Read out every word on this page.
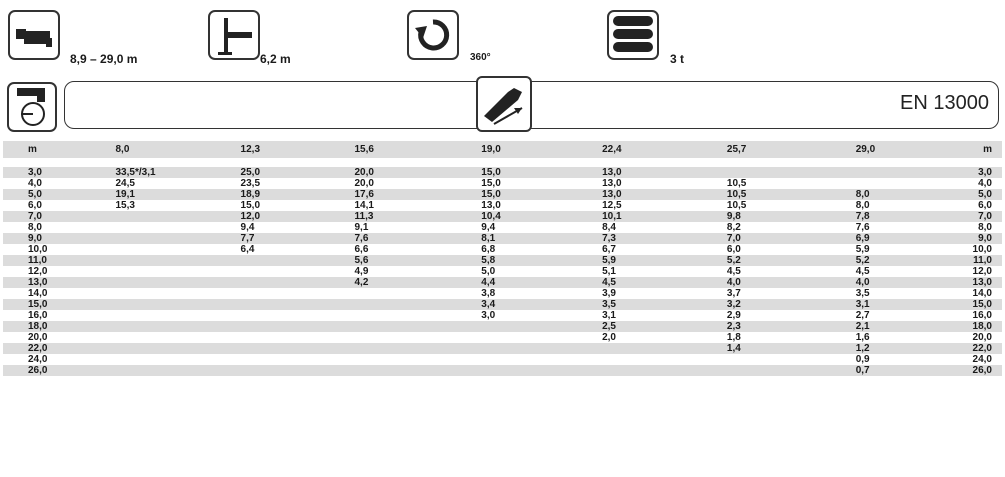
8,9 – 29,0 m	6,2 m	360°	3 t
EN 13000
m	8,0	12,3	15,6	19,0	22,4	25,7	29,0	m

3,0	33,5*/3,1	25,0	20,0	15,0	13,0			3,0
4,0	24,5	23,5	20,0	15,0	13,0	10,5		4,0
5,0	19,1	18,9	17,6	15,0	13,0	10,5	8,0	5,0
6,0	15,3	15,0	14,1	13,0	12,5	10,5	8,0	6,0
7,0		12,0	11,3	10,4	10,1	9,8	7,8	7,0
8,0		9,4	9,1	9,4	8,4	8,2	7,6	8,0
9,0		7,7	7,6	8,1	7,3	7,0	6,9	9,0
10,0		6,4	6,6	6,8	6,7	6,0	5,9	10,0
11,0			5,6	5,8	5,9	5,2	5,2	11,0
12,0			4,9	5,0	5,1	4,5	4,5	12,0
13,0			4,2	4,4	4,5	4,0	4,0	13,0
14,0				3,8	3,9	3,7	3,5	14,0
15,0				3,4	3,5	3,2	3,1	15,0
16,0				3,0	3,1	2,9	2,7	16,0
18,0					2,5	2,3	2,1	18,0
20,0					2,0	1,8	1,6	20,0
22,0						1,4	1,2	22,0
24,0							0,9	24,0
26,0							0,7	26,0
